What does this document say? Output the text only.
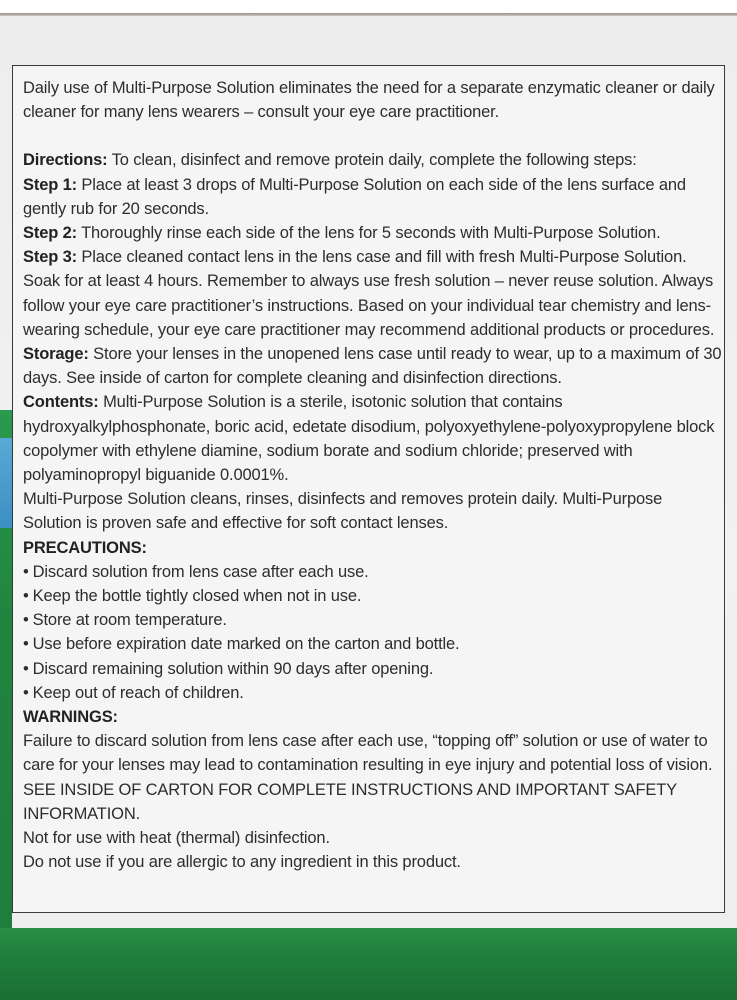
Daily use of Multi-Purpose Solution eliminates the need for a separate enzymatic cleaner or daily cleaner for many lens wearers – consult your eye care practitioner.

Directions: To clean, disinfect and remove protein daily, complete the following steps:

Step 1: Place at least 3 drops of Multi-Purpose Solution on each side of the lens surface and gently rub for 20 seconds.

Step 2: Thoroughly rinse each side of the lens for 5 seconds with Multi-Purpose Solution.

Step 3: Place cleaned contact lens in the lens case and fill with fresh Multi-Purpose Solution. Soak for at least 4 hours. Remember to always use fresh solution – never reuse solution. Always follow your eye care practitioner’s instructions. Based on your individual tear chemistry and lens-wearing schedule, your eye care practitioner may recommend additional products or procedures.

Storage: Store your lenses in the unopened lens case until ready to wear, up to a maximum of 30 days. See inside of carton for complete cleaning and disinfection directions.

Contents: Multi-Purpose Solution is a sterile, isotonic solution that contains hydroxyalkylphosphonate, boric acid, edetate disodium, polyoxyethylene-polyoxypropylene block copolymer with ethylene diamine, sodium borate and sodium chloride; preserved with polyaminopropyl biguanide 0.0001%.

Multi-Purpose Solution cleans, rinses, disinfects and removes protein daily. Multi-Purpose Solution is proven safe and effective for soft contact lenses.

PRECAUTIONS:

• Discard solution from lens case after each use.

• Keep the bottle tightly closed when not in use.

• Store at room temperature.

• Use before expiration date marked on the carton and bottle.

• Discard remaining solution within 90 days after opening.

• Keep out of reach of children.

WARNINGS:

Failure to discard solution from lens case after each use, “topping off” solution or use of water to care for your lenses may lead to contamination resulting in eye injury and potential loss of vision. SEE INSIDE OF CARTON FOR COMPLETE INSTRUCTIONS AND IMPORTANT SAFETY INFORMATION.

Not for use with heat (thermal) disinfection.

Do not use if you are allergic to any ingredient in this product.
